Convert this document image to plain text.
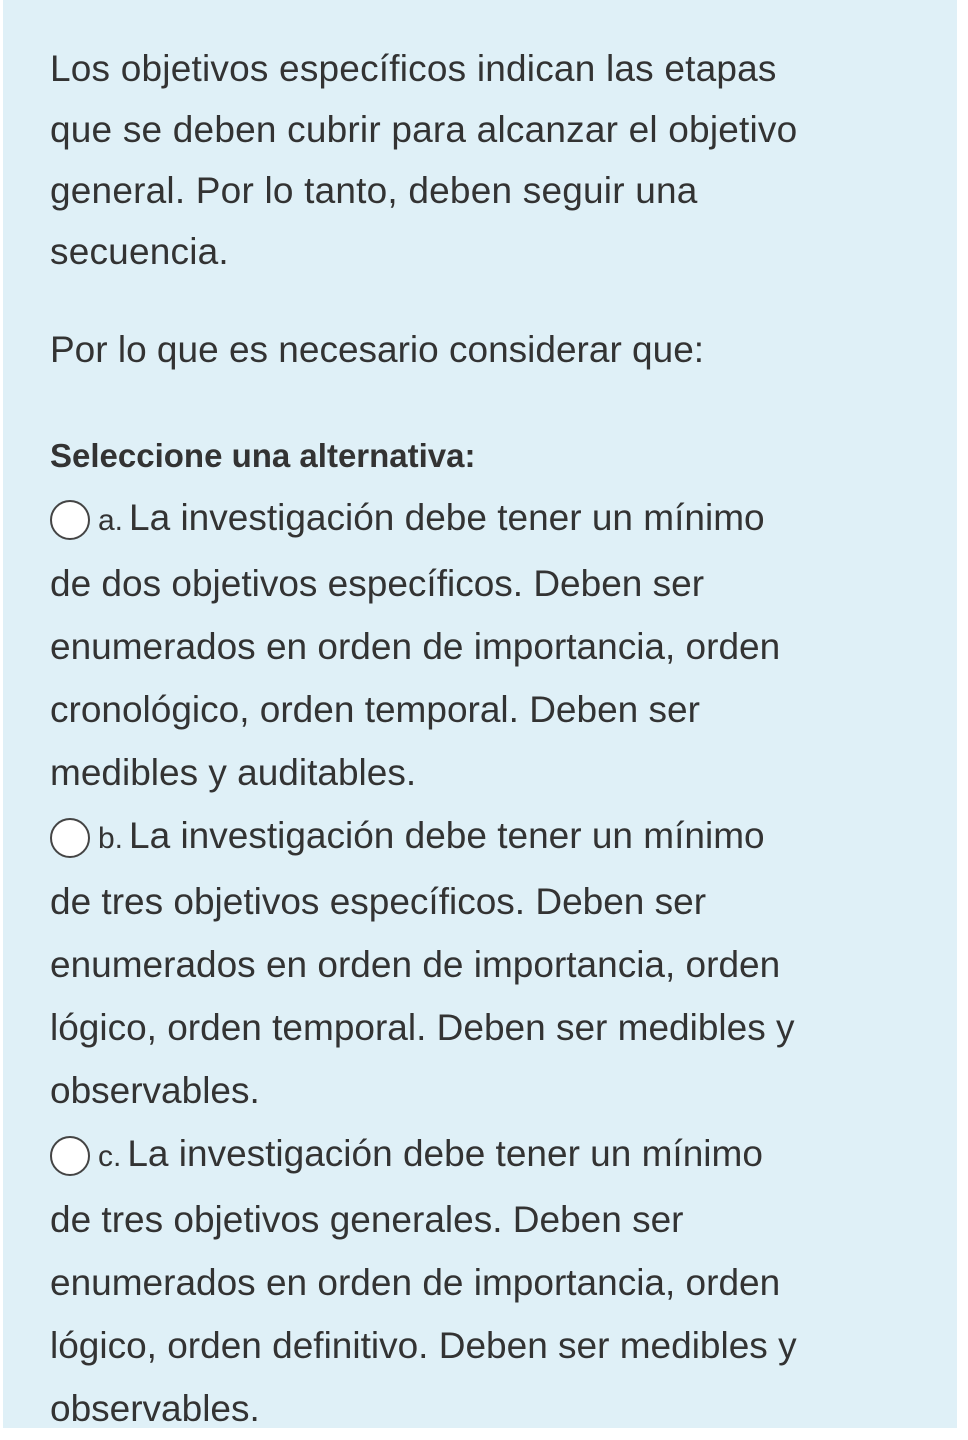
Los objetivos específicos indican las etapas
que se deben cubrir para alcanzar el objetivo
general. Por lo tanto, deben seguir una
secuencia.

Por lo que es necesario considerar que:

Seleccione una alternativa:

a. La investigación debe tener un mínimo
de dos objetivos específicos. Deben ser
enumerados en orden de importancia, orden
cronológico, orden temporal. Deben ser
medibles y auditables.
b. La investigación debe tener un mínimo
de tres objetivos específicos. Deben ser
enumerados en orden de importancia, orden
lógico, orden temporal. Deben ser medibles y
observables.
c. La investigación debe tener un mínimo
de tres objetivos generales. Deben ser
enumerados en orden de importancia, orden
lógico, orden definitivo. Deben ser medibles y
observables.
